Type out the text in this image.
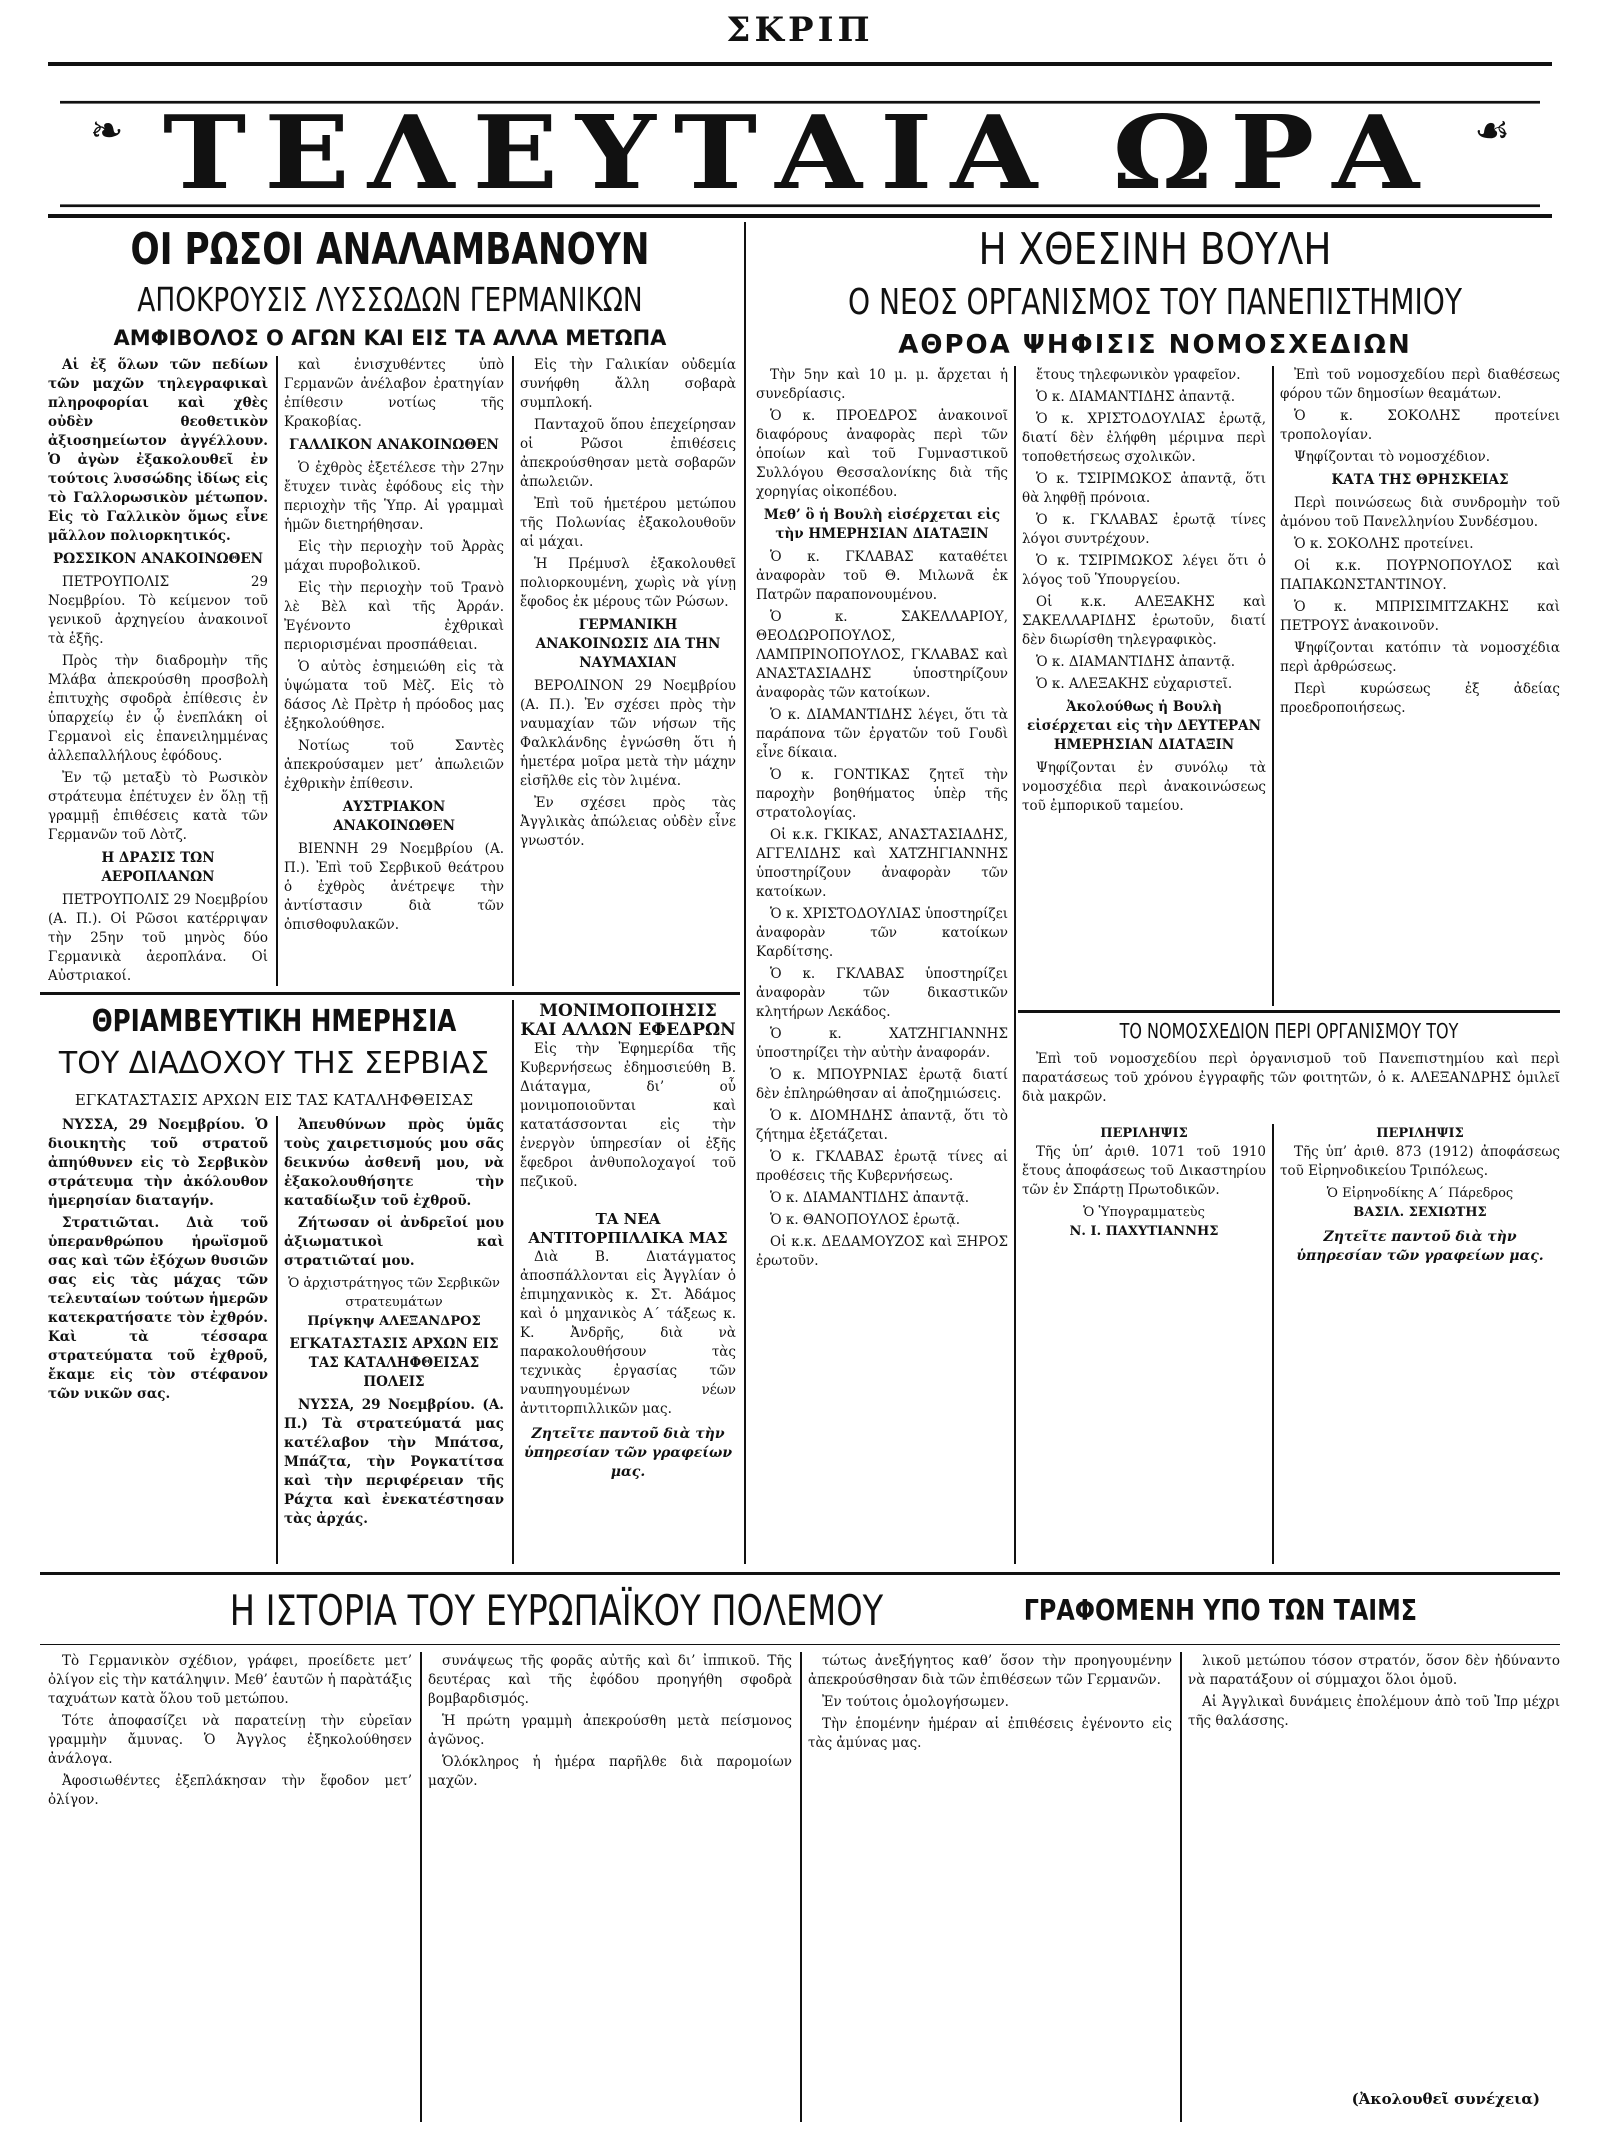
ΣΚΡΙΠ
❧ ΤΕΛΕΥΤΑΙΑ ΩΡΑ ☙
ΟΙ ΡΩΣΟΙ ΑΝΑΛΑΜΒΑΝΟΥΝ
ΑΠΟΚΡΟΥΣΙΣ ΛΥΣΣΩΔΩΝ ΓΕΡΜΑΝΙΚΩΝ
ΑΜΦΙΒΟΛΟΣ Ο ΑΓΩΝ ΚΑΙ ΕΙΣ ΤΑ ΑΛΛΑ ΜΕΤΩΠΑ

Αἱ ἐξ ὅλων τῶν πεδίων τῶν μαχῶν τηλεγραφικαὶ πληροφορίαι καὶ χθὲς οὐδὲν θεοθετικὸν ἀξιοσημείωτον ἀγγέλλουν. Ὁ ἀγὼν ἐξακολουθεῖ ἐν τούτοις λυσσώδης ἰδίως εἰς τὸ Γαλλορωσικὸν μέτωπον. Εἰς τὸ Γαλλικὸν ὅμως εἶνε μᾶλλον πολιορκητικός.

ΡΩΣΣΙΚΟΝ ΑΝΑΚΟΙΝΩΘΕΝ

ΠΕΤΡΟΥΠΟΛΙΣ 29 Νοεμβρίου. Τὸ κείμενον τοῦ γενικοῦ ἀρχηγείου ἀνακοινοῖ τὰ ἑξῆς.

Πρὸς τὴν διαδρομὴν τῆς Μλάβα ἀπεκρούσθη προσβολὴ ἐπιτυχὴς σφοδρὰ ἐπίθεσις ἐν ὑπαρχείῳ ἐν ᾧ ἐνεπλάκη οἱ Γερμανοὶ εἰς ἐπανειλημμένας ἀλλεπαλλήλους ἐφόδους.

Ἐν τῷ μεταξὺ τὸ Ρωσικὸν στράτευμα ἐπέτυχεν ἐν ὅλῃ τῇ γραμμῇ ἐπιθέσεις κατὰ τῶν Γερμανῶν τοῦ Λὸτζ.

Η ΔΡΑΣΙΣ ΤΩΝ ΑΕΡΟΠΛΑΝΩΝ

ΠΕΤΡΟΥΠΟΛΙΣ 29 Νοεμβρίου (Α. Π.). Οἱ Ρῶσοι κατέρριψαν τὴν 25ην τοῦ μηνὸς δύο Γερμανικὰ ἀεροπλάνα. Οἱ Αὐστριακοί.

καὶ ἐνισχυθέντες ὑπὸ Γερμανῶν ἀνέλαβον ἐρατηγίαν ἐπίθεσιν νοτίως τῆς Κρακοβίας.

ΓΑΛΛΙΚΟΝ ΑΝΑΚΟΙΝΩΘΕΝ

Ὁ ἐχθρὸς ἐξετέλεσε τὴν 27ην ἔτυχεν τινὰς ἐφόδους εἰς τὴν περιοχὴν τῆς Ὑπρ. Αἱ γραμμαὶ ἡμῶν διετηρήθησαν.

Εἰς τὴν περιοχὴν τοῦ Ἀρρὰς μάχαι πυροβολικοῦ.

Εἰς τὴν περιοχὴν τοῦ Τρανὸ λὲ Βὲλ καὶ τῆς Ἀρράν. Ἐγένοντο ἐχθρικαὶ περιορισμέναι προσπάθειαι.

Ὁ αὐτὸς ἐσημειώθη εἰς τὰ ὑψώματα τοῦ Μὲζ. Εἰς τὸ δάσος Λὲ Πρὲτρ ἡ πρόοδος μας ἐξηκολούθησε.

Νοτίως τοῦ Σαντὲς ἀπεκρούσαμεν μετ’ ἀπωλειῶν ἐχθρικὴν ἐπίθεσιν.

ΑΥΣΤΡΙΑΚΟΝ ΑΝΑΚΟΙΝΩΘΕΝ

ΒΙΕΝΝΗ 29 Νοεμβρίου (Α. Π.). Ἐπὶ τοῦ Σερβικοῦ θεάτρου ὁ ἐχθρὸς ἀνέτρεψε τὴν ἀντίστασιν διὰ τῶν ὀπισθοφυλακῶν.

Εἰς τὴν Γαλικίαν οὐδεμία συνήφθη ἄλλη σοβαρὰ συμπλοκή.

Πανταχοῦ ὅπου ἐπεχείρησαν οἱ Ρῶσοι ἐπιθέσεις ἀπεκρούσθησαν μετὰ σοβαρῶν ἀπωλειῶν.

Ἐπὶ τοῦ ἡμετέρου μετώπου τῆς Πολωνίας ἐξακολουθοῦν αἱ μάχαι.

Ἡ Πρέμυσλ ἐξακολουθεῖ πολιορκουμένη, χωρὶς νὰ γίνῃ ἔφοδος ἐκ μέρους τῶν Ρώσων.

ΓΕΡΜΑΝΙΚΗ ΑΝΑΚΟΙΝΩΣΙΣ ΔΙΑ ΤΗΝ ΝΑΥΜΑΧΙΑΝ

ΒΕΡΟΛΙΝΟΝ 29 Νοεμβρίου (Α. Π.). Ἐν σχέσει πρὸς τὴν ναυμαχίαν τῶν νήσων τῆς Φαλκλάνδης ἐγνώσθη ὅτι ἡ ἡμετέρα μοῖρα μετὰ τὴν μάχην εἰσῆλθε εἰς τὸν λιμένα.

Ἐν σχέσει πρὸς τὰς Ἀγγλικὰς ἀπώλειας οὐδὲν εἶνε γνωστόν.

ΘΡΙΑΜΒΕΥΤΙΚΗ ΗΜΕΡΗΣΙΑ
ΤΟΥ ΔΙΑΔΟΧΟΥ ΤΗΣ ΣΕΡΒΙΑΣ
ΕΓΚΑΤΑΣΤΑΣΙΣ ΑΡΧΩΝ ΕΙΣ ΤΑΣ ΚΑΤΑΛΗΦΘΕΙΣΑΣ

ΝΥΣΣΑ, 29 Νοεμβρίου. Ὁ διοικητὴς τοῦ στρατοῦ ἀπηύθυνεν εἰς τὸ Σερβικὸν στράτευμα τὴν ἀκόλουθον ἡμερησίαν διαταγήν.

Στρατιῶται. Διὰ τοῦ ὑπερανθρώπου ἡρωϊσμοῦ σας καὶ τῶν ἐξόχων θυσιῶν σας εἰς τὰς μάχας τῶν τελευταίων τούτων ἡμερῶν κατεκρατήσατε τὸν ἐχθρόν. Καὶ τὰ τέσσαρα στρατεύματα τοῦ ἐχθροῦ, ἔκαμε εἰς τὸν στέφανον τῶν νικῶν σας.

Ἀπευθύνων πρὸς ὑμᾶς τοὺς χαιρετισμούς μου σᾶς δεικνύω ἀσθενῆ μου, νὰ ἐξακολουθήσητε τὴν καταδίωξιν τοῦ ἐχθροῦ.

Ζήτωσαν οἱ ἀνδρεῖοί μου ἀξιωματικοὶ καὶ στρατιῶταί μου.

Ὁ ἀρχιστράτηγος τῶν Σερβικῶν στρατευμάτων
Πρίγκηψ ΑΛΕΞΑΝΔΡΟΣ
ΕΓΚΑΤΑΣΤΑΣΙΣ ΑΡΧΩΝ ΕΙΣ ΤΑΣ ΚΑΤΑΛΗΦΘΕΙΣΑΣ ΠΟΛΕΙΣ

ΝΥΣΣΑ, 29 Νοεμβρίου. (Α. Π.) Τὰ στρατεύματά μας κατέλαβον τὴν Μπάτσα, Μπάζτα, τὴν Ρογκατίτσα καὶ τὴν περιφέρειαν τῆς Ράχτα καὶ ἐνεκατέστησαν τὰς ἀρχάς.

ΜΟΝΙΜΟΠΟΙΗΣΙΣ ΚΑΙ ΑΛΛΩΝ ΕΦΕΔΡΩΝ

Εἰς τὴν Ἐφημερίδα τῆς Κυβερνήσεως ἐδημοσιεύθη Β. Διάταγμα, δι’ οὗ μονιμοποιοῦνται καὶ κατατάσσονται εἰς τὴν ἐνεργὸν ὑπηρεσίαν οἱ ἐξῆς ἔφεδροι ἀνθυπολοχαγοί τοῦ πεζικοῦ.

ΤΑ ΝΕΑ ΑΝΤΙΤΟΡΠΙΛΛΙΚΑ ΜΑΣ

Διὰ Β. Διατάγματος ἀποσπάλλονται εἰς Ἀγγλίαν ὁ ἐπιμηχανικὸς κ. Στ. Ἀδάμος καὶ ὁ μηχανικὸς Α΄ τάξεως κ. Κ. Ἀνδρῆς, διὰ νὰ παρακολουθήσουν τὰς τεχνικὰς ἐργασίας τῶν ναυπηγουμένων νέων ἀντιτορπιλλικῶν μας.

Ζητεῖτε παντοῦ διὰ τὴν ὑπηρεσίαν τῶν γραφείων μας.
Η ΧΘΕΣΙΝΗ ΒΟΥΛΗ
Ο ΝΕΟΣ ΟΡΓΑΝΙΣΜΟΣ ΤΟΥ ΠΑΝΕΠΙΣΤΗΜΙΟΥ
ΑΘΡΟΑ ΨΗΦΙΣΙΣ ΝΟΜΟΣΧΕΔΙΩΝ

Τὴν 5ην καὶ 10 μ. μ. ἄρχεται ἡ συνεδρίασις.

Ὁ κ. ΠΡΟΕΔΡΟΣ ἀνακοινοῖ διαφόρους ἀναφορὰς περὶ τῶν ὁποίων καὶ τοῦ Γυμναστικοῦ Συλλόγου Θεσσαλονίκης διὰ τῆς χορηγίας οἰκοπέδου.

Μεθ’ ὃ ἡ Βουλὴ εἰσέρχεται εἰς τὴν ΗΜΕΡΗΣΙΑΝ ΔΙΑΤΑΞΙΝ

Ὁ κ. ΓΚΛΑΒΑΣ καταθέτει ἀναφορὰν τοῦ Θ. Μιλωνᾶ ἐκ Πατρῶν παραπονουμένου.

Ὁ κ. ΣΑΚΕΛΛΑΡΙΟΥ, ΘΕΟΔΩΡΟΠΟΥΛΟΣ, ΛΑΜΠΡΙΝΟΠΟΥΛΟΣ, ΓΚΛΑΒΑΣ καὶ ΑΝΑΣΤΑΣΙΑΔΗΣ ὑποστηρίζουν ἀναφορὰς τῶν κατοίκων.

Ὁ κ. ΔΙΑΜΑΝΤΙΔΗΣ λέγει, ὅτι τὰ παράπονα τῶν ἐργατῶν τοῦ Γουδὶ εἶνε δίκαια.

Ὁ κ. ΓΟΝΤΙΚΑΣ ζητεῖ τὴν παροχὴν βοηθήματος ὑπὲρ τῆς στρατολογίας.

Οἱ κ.κ. ΓΚΙΚΑΣ, ΑΝΑΣΤΑΣΙΑΔΗΣ, ΑΓΓΕΛΙΔΗΣ καὶ ΧΑΤΖΗΓΙΑΝΝΗΣ ὑποστηρίζουν ἀναφορὰν τῶν κατοίκων.

Ὁ κ. ΧΡΙΣΤΟΔΟΥΛΙΑΣ ὑποστηρίζει ἀναφορὰν τῶν κατοίκων Καρδίτσης.

Ὁ κ. ΓΚΛΑΒΑΣ ὑποστηρίζει ἀναφορὰν τῶν δικαστικῶν κλητήρων Λεκάδος.

Ὁ κ. ΧΑΤΖΗΓΙΑΝΝΗΣ ὑποστηρίζει τὴν αὐτὴν ἀναφοράν.

Ὁ κ. ΜΠΟΥΡΝΙΑΣ ἐρωτᾷ διατί δὲν ἐπληρώθησαν αἱ ἀποζημιώσεις.

Ὁ κ. ΔΙΟΜΗΔΗΣ ἀπαντᾷ, ὅτι τὸ ζήτημα ἐξετάζεται.

Ὁ κ. ΓΚΛΑΒΑΣ ἐρωτᾷ τίνες αἱ προθέσεις τῆς Κυβερνήσεως.

Ὁ κ. ΔΙΑΜΑΝΤΙΔΗΣ ἀπαντᾷ.

Ὁ κ. ΘΑΝΟΠΟΥΛΟΣ ἐρωτᾷ.

Οἱ κ.κ. ΔΕΔΑΜΟΥΖΟΣ καὶ ΞΗΡΟΣ ἐρωτοῦν.

ἔτους τηλεφωνικὸν γραφεῖον.

Ὁ κ. ΔΙΑΜΑΝΤΙΔΗΣ ἀπαντᾷ.

Ὁ κ. ΧΡΙΣΤΟΔΟΥΛΙΑΣ ἐρωτᾷ, διατί δὲν ἐλήφθη μέριμνα περὶ τοποθετήσεως σχολικῶν.

Ὁ κ. ΤΣΙΡΙΜΩΚΟΣ ἀπαντᾷ, ὅτι θὰ ληφθῇ πρόνοια.

Ὁ κ. ΓΚΛΑΒΑΣ ἐρωτᾷ τίνες λόγοι συντρέχουν.

Ὁ κ. ΤΣΙΡΙΜΩΚΟΣ λέγει ὅτι ὁ λόγος τοῦ Ὑπουργείου.

Οἱ κ.κ. ΑΛΕΞΑΚΗΣ καὶ ΣΑΚΕΛΛΑΡΙΔΗΣ ἐρωτοῦν, διατί δὲν διωρίσθη τηλεγραφικὸς.

Ὁ κ. ΔΙΑΜΑΝΤΙΔΗΣ ἀπαντᾷ.

Ὁ κ. ΑΛΕΞΑΚΗΣ εὐχαριστεῖ.

Ἀκολούθως ἡ Βουλὴ εἰσέρχεται εἰς τὴν ΔΕΥΤΕΡΑΝ ΗΜΕΡΗΣΙΑΝ ΔΙΑΤΑΞΙΝ

Ψηφίζονται ἐν συνόλῳ τὰ νομοσχέδια περὶ ἀνακοινώσεως τοῦ ἐμπορικοῦ ταμείου.

Ἐπὶ τοῦ νομοσχεδίου περὶ διαθέσεως φόρου τῶν δημοσίων θεαμάτων.

Ὁ κ. ΣΟΚΟΛΗΣ προτείνει τροπολογίαν.

Ψηφίζονται τὸ νομοσχέδιον.

ΚΑΤΑ ΤΗΣ ΘΡΗΣΚΕΙΑΣ

Περὶ ποινώσεως διὰ συνδρομὴν τοῦ ἀμόνου τοῦ Πανελληνίου Συνδέσμου.

Ὁ κ. ΣΟΚΟΛΗΣ προτείνει.

Οἱ κ.κ. ΠΟΥΡΝΟΠΟΥΛΟΣ καὶ ΠΑΠΑΚΩΝΣΤΑΝΤΙΝΟΥ.

Ὁ κ. ΜΠΡΙΣΙΜΙΤΖΑΚΗΣ καὶ ΠΕΤΡΟΥΣ ἀνακοινοῦν.

Ψηφίζονται κατόπιν τὰ νομοσχέδια περὶ ἀρθρώσεως.

Περὶ κυρώσεως ἐξ ἀδείας προεδροποιήσεως.

ΤΟ ΝΟΜΟΣΧΕΔΙΟΝ ΠΕΡΙ ΟΡΓΑΝΙΣΜΟΥ ΤΟΥ

Ἐπὶ τοῦ νομοσχεδίου περὶ ὀργανισμοῦ τοῦ Πανεπιστημίου καὶ περὶ παρατάσεως τοῦ χρόνου ἐγγραφῆς τῶν φοιτητῶν, ὁ κ. ΑΛΕΞΑΝΔΡΗΣ ὁμιλεῖ διὰ μακρῶν.

ΠΕΡΙΛΗΨΙΣ

Τῆς ὑπ’ ἀριθ. 1071 τοῦ 1910 ἔτους ἀποφάσεως τοῦ Δικαστηρίου τῶν ἐν Σπάρτῃ Πρωτοδικῶν.

Ὁ Ὑπογραμματεὺς
Ν. Ι. ΠΑΧΥΤΙΑΝΝΗΣ
ΠΕΡΙΛΗΨΙΣ

Τῆς ὑπ’ ἀριθ. 873 (1912) ἀποφάσεως τοῦ Εἰρηνοδικείου Τριπόλεως.

Ὁ Εἰρηνοδίκης Α΄ Πάρεδρος
ΒΑΣΙΛ. ΣΕΧΙΩΤΗΣ
Ζητεῖτε παντοῦ διὰ τὴν ὑπηρεσίαν τῶν γραφείων μας.
Η ΙΣΤΟΡΙΑ ΤΟΥ ΕΥΡΩΠΑΪΚΟΥ ΠΟΛΕΜΟΥ	ΓΡΑΦΟΜΕΝΗ ΥΠΟ ΤΩΝ ΤΑΙΜΣ

Τὸ Γερμανικὸν σχέδιον, γράφει, προείδετε μετ’ ὀλίγον εἰς τὴν κατάληψιν. Μεθ’ ἑαυτῶν ἡ παρὰτάξις ταχυάτων κατὰ ὅλου τοῦ μετώπου.

Τότε ἀποφασίζει νὰ παρατείνῃ τὴν εὐρεῖαν γραμμὴν ἄμυνας. Ὁ Ἀγγλος ἐξηκολούθησεν ἀνάλογα.

Ἀφοσιωθέντες ἐξεπλάκησαν τὴν ἔφοδον μετ’ ὀλίγον.

συνάψεως τῆς φορᾶς αὐτῆς καὶ δι’ ἰππικοῦ. Τῆς δευτέρας καὶ τῆς ἐφόδου προηγήθη σφοδρὰ βομβαρδισμός.

Ἡ πρώτη γραμμὴ ἀπεκρούσθη μετὰ πείσμονος ἀγῶνος.

Ὁλόκληρος ἡ ἡμέρα παρῆλθε διὰ παρομοίων μαχῶν.

τώτως ἀνεξήγητος καθ’ ὅσον τὴν προηγουμένην ἀπεκρούσθησαν διὰ τῶν ἐπιθέσεων τῶν Γερμανῶν.

Ἐν τούτοις ὁμολογήσωμεν.

Τὴν ἑπομένην ἡμέραν αἱ ἐπιθέσεις ἐγένοντο εἰς τὰς ἀμύνας μας.

λικοῦ μετώπου τόσον στρατόν, ὅσον δὲν ἠδύναντο νὰ παρατάξουν οἱ σύμμαχοι ὅλοι ὁμοῦ.

Αἱ Ἀγγλικαὶ δυνάμεις ἐπολέμουν ἀπὸ τοῦ Ἰπρ μέχρι τῆς θαλάσσης.

(Ἀκολουθεῖ συνέχεια)
